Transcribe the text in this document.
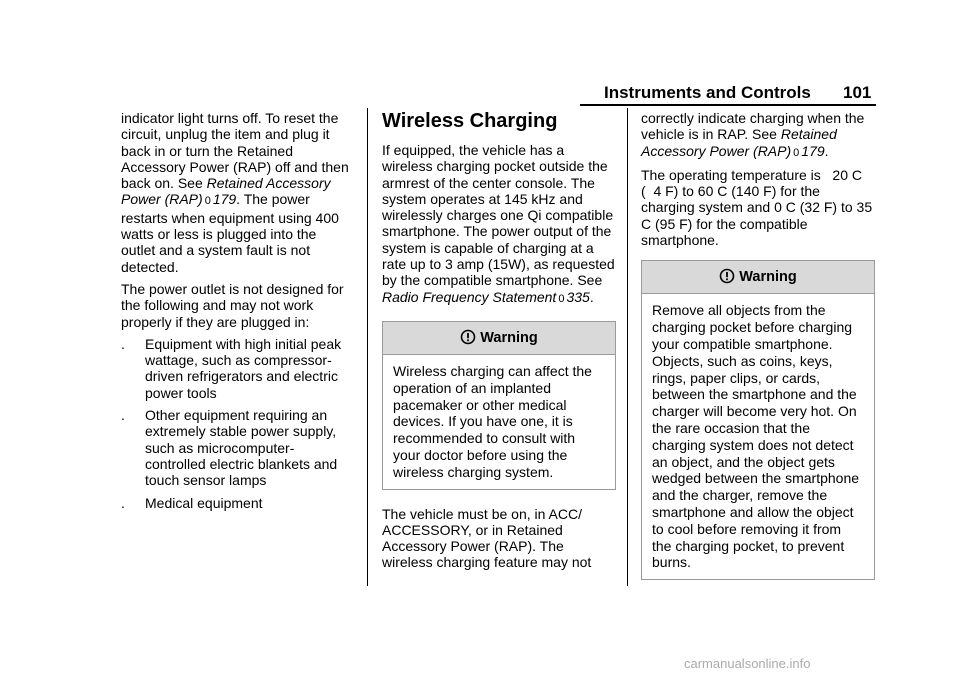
Instruments and Controls 101

indicator light turns off. To reset the circuit, unplug the item and plug it back in or turn the Retained Accessory Power (RAP) off and then back on. See Retained Accessory Power (RAP) 0 179. The power restarts when equipment using 400 watts or less is plugged into the outlet and a system fault is not detected.

The power outlet is not designed for the following and may not work properly if they are plugged in:

.	Equipment with high initial peak wattage, such as compressor-driven refrigerators and electric power tools
.	Other equipment requiring an extremely stable power supply, such as microcomputer-controlled electric blankets and touch sensor lamps
.	Medical equipment
Wireless Charging

If equipped, the vehicle has a wireless charging pocket outside the armrest of the center console. The system operates at 145 kHz and wirelessly charges one Qi compatible smartphone. The power output of the system is capable of charging at a rate up to 3 amp (15W), as requested by the compatible smartphone. See Radio Frequency Statement 0 335.

Warning
Wireless charging can affect the operation of an implanted pacemaker or other medical devices. If you have one, it is recommended to consult with your doctor before using the wireless charging system.

The vehicle must be on, in ACC/ ACCESSORY, or in Retained Accessory Power (RAP). The wireless charging feature may not

correctly indicate charging when the vehicle is in RAP. See Retained Accessory Power (RAP) 0 179.

The operating temperature is   20 C (  4 F) to 60 C (140 F) for the charging system and 0 C (32 F) to 35 C (95 F) for the compatible smartphone.

Warning
Remove all objects from the charging pocket before charging your compatible smartphone. Objects, such as coins, keys, rings, paper clips, or cards, between the smartphone and the charger will become very hot. On the rare occasion that the charging system does not detect an object, and the object gets wedged between the smartphone and the charger, remove the smartphone and allow the object to cool before removing it from the charging pocket, to prevent burns.
carmanualsonline.info
